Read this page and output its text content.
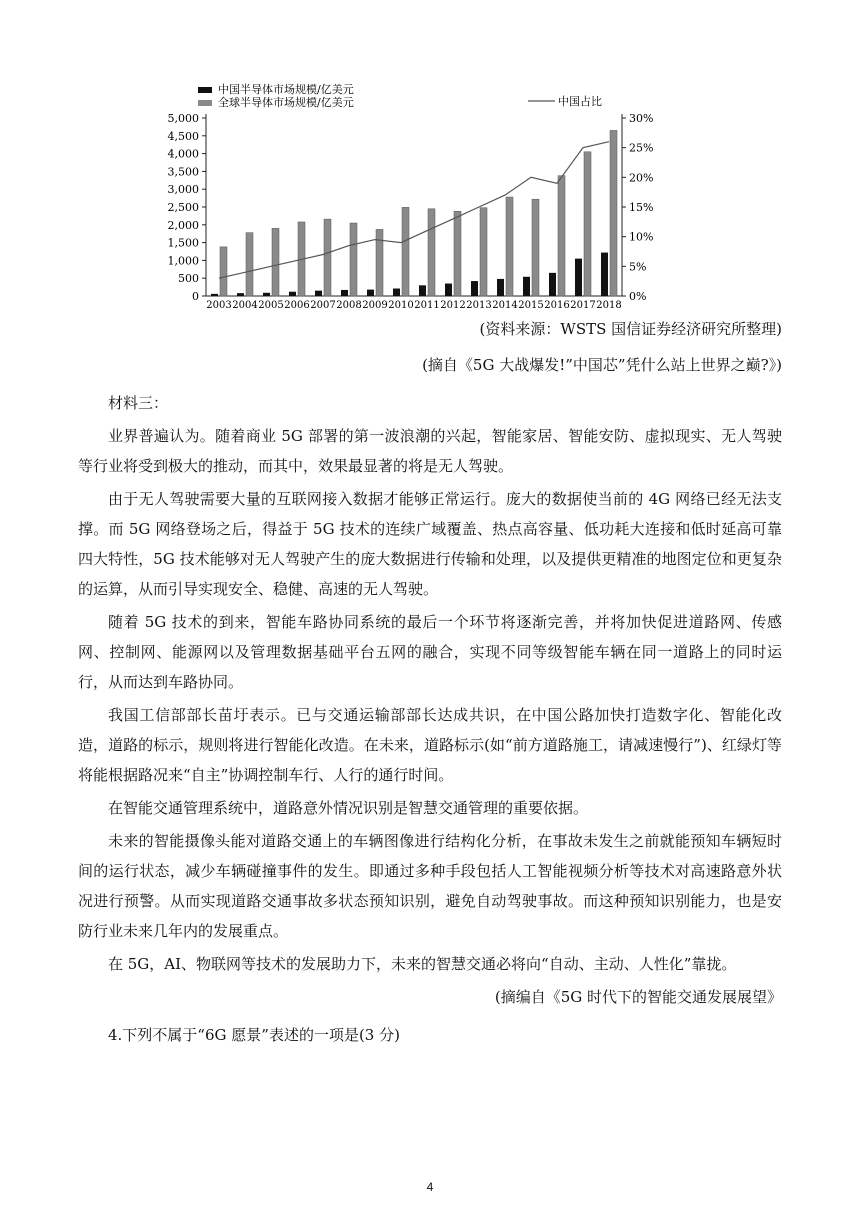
中国半导体市场规模/亿美元
全球半导体市场规模/亿美元	中国占比
0
500
1,000
1,500
2,000
2,500
3,000
3,500
4,000
4,500
5,000
0%
5%
10%
15%
20%
25%
30%
2003 2004 2005 2006 2007 2008 2009 2010 2011 2012 2013 2014 2015 2016 2017 2018
(资料来源：WSTS 国信证券经济研究所整理)
(摘自《5G 大战爆发!”中国芯”凭什么站上世界之巅?》)

材料三：

业界普遍认为。随着商业 5G 部署的第一波浪潮的兴起，智能家居、智能安防、虚拟现实、无人驾驶等行业将受到极大的推动，而其中，效果最显著的将是无人驾驶。

由于无人驾驶需要大量的互联网接入数据才能够正常运行。庞大的数据使当前的 4G 网络已经无法支撑。而 5G 网络登场之后，得益于 5G 技术的连续广域覆盖、热点高容量、低功耗大连接和低时延高可靠四大特性，5G 技术能够对无人驾驶产生的庞大数据进行传输和处理，以及提供更精准的地图定位和更复杂的运算，从而引导实现安全、稳健、高速的无人驾驶。

随着 5G 技术的到来，智能车路协同系统的最后一个环节将逐渐完善，并将加快促进道路网、传感网、控制网、能源网以及管理数据基础平台五网的融合，实现不同等级智能车辆在同一道路上的同时运行，从而达到车路协同。

我国工信部部长苗圩表示。已与交通运输部部长达成共识，在中国公路加快打造数字化、智能化改造，道路的标示，规则将进行智能化改造。在未来，道路标示(如“前方道路施工，请减速慢行”)、红绿灯等将能根据路况来“自主”协调控制车行、人行的通行时间。

在智能交通管理系统中，道路意外情况识别是智慧交通管理的重要依据。

未来的智能摄像头能对道路交通上的车辆图像进行结构化分析，在事故未发生之前就能预知车辆短时间的运行状态，减少车辆碰撞事件的发生。即通过多种手段包括人工智能视频分析等技术对高速路意外状况进行预警。从而实现道路交通事故多状态预知识别，避免自动驾驶事故。而这种预知识别能力，也是安防行业未来几年内的发展重点。

在 5G，AI、物联网等技术的发展助力下，未来的智慧交通必将向“自动、主动、人性化”靠拢。

(摘编自《5G 时代下的智能交通发展展望》

4.下列不属于“6G 愿景”表述的一项是(3 分)

4
